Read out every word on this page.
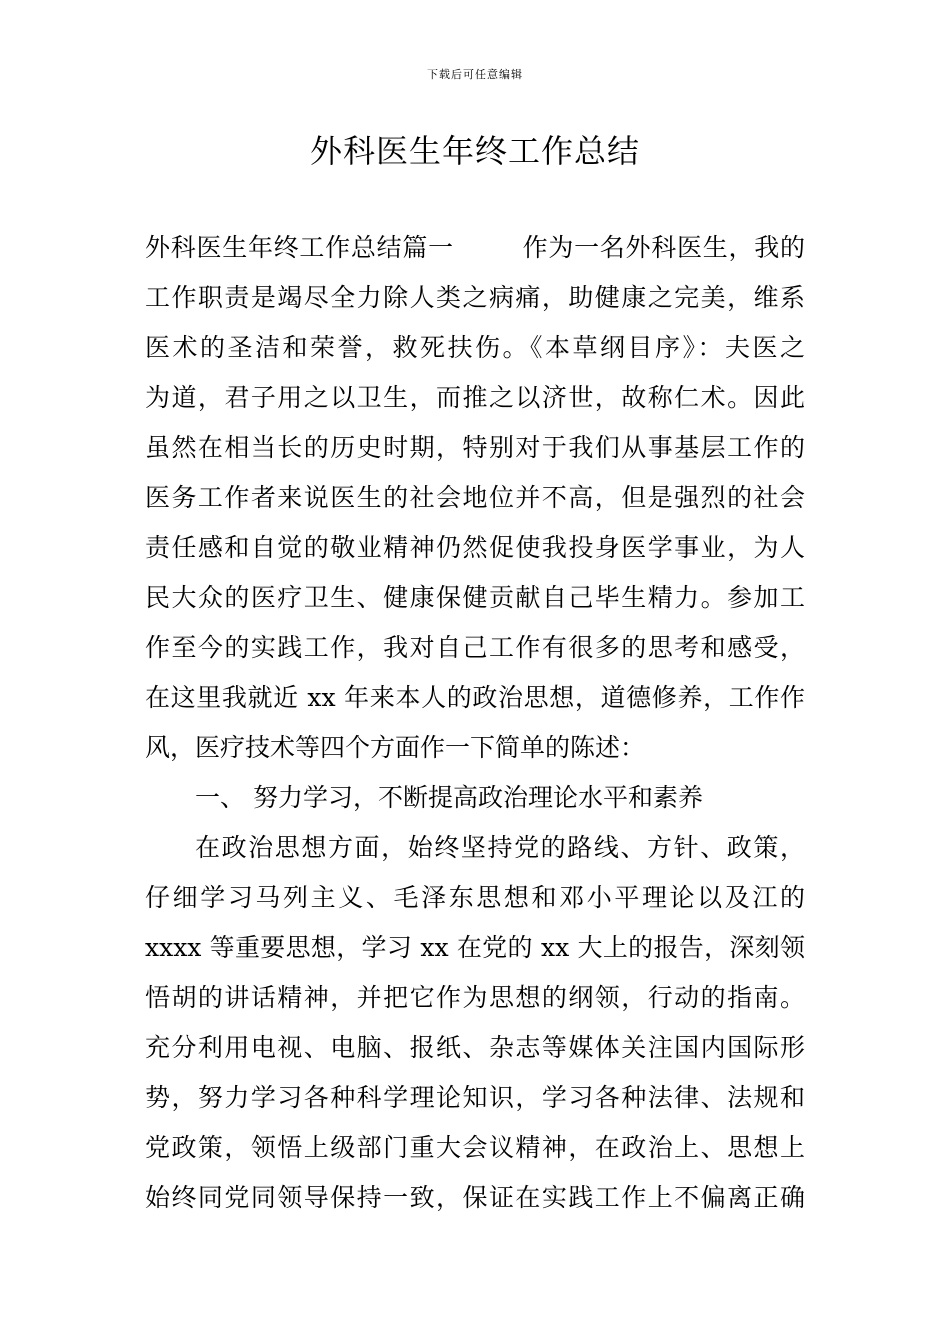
下载后可任意编辑
外科医生年终工作总结
外科医生年终工作总结篇一	作为一名外科医生，我的
工作职责是竭尽全力除人类之病痛，助健康之完美，维系
医术的圣洁和荣誉，救死扶伤。《本草纲目序》：夫医之
为道，君子用之以卫生，而推之以济世，故称仁术。因此
虽然在相当长的历史时期，特别对于我们从事基层工作的
医务工作者来说医生的社会地位并不高，但是强烈的社会
责任感和自觉的敬业精神仍然促使我投身医学事业，为人
民大众的医疗卫生、健康保健贡献自己毕生精力。参加工
作至今的实践工作，我对自己工作有很多的思考和感受，
在这里我就近 xx 年来本人的政治思想，道德修养，工作作
风，医疗技术等四个方面作一下简单的陈述：
一、 努力学习，不断提高政治理论水平和素养
在政治思想方面，始终坚持党的路线、方针、政策，
仔细学习马列主义、毛泽东思想和邓小平理论以及江的
xxxx 等重要思想，学习 xx 在党的 xx 大上的报告，深刻领
悟胡的讲话精神，并把它作为思想的纲领，行动的指南。
充分利用电视、电脑、报纸、杂志等媒体关注国内国际形
势，努力学习各种科学理论知识，学习各种法律、法规和
党政策，领悟上级部门重大会议精神，在政治上、思想上
始终同党同领导保持一致，保证在实践工作上不偏离正确
